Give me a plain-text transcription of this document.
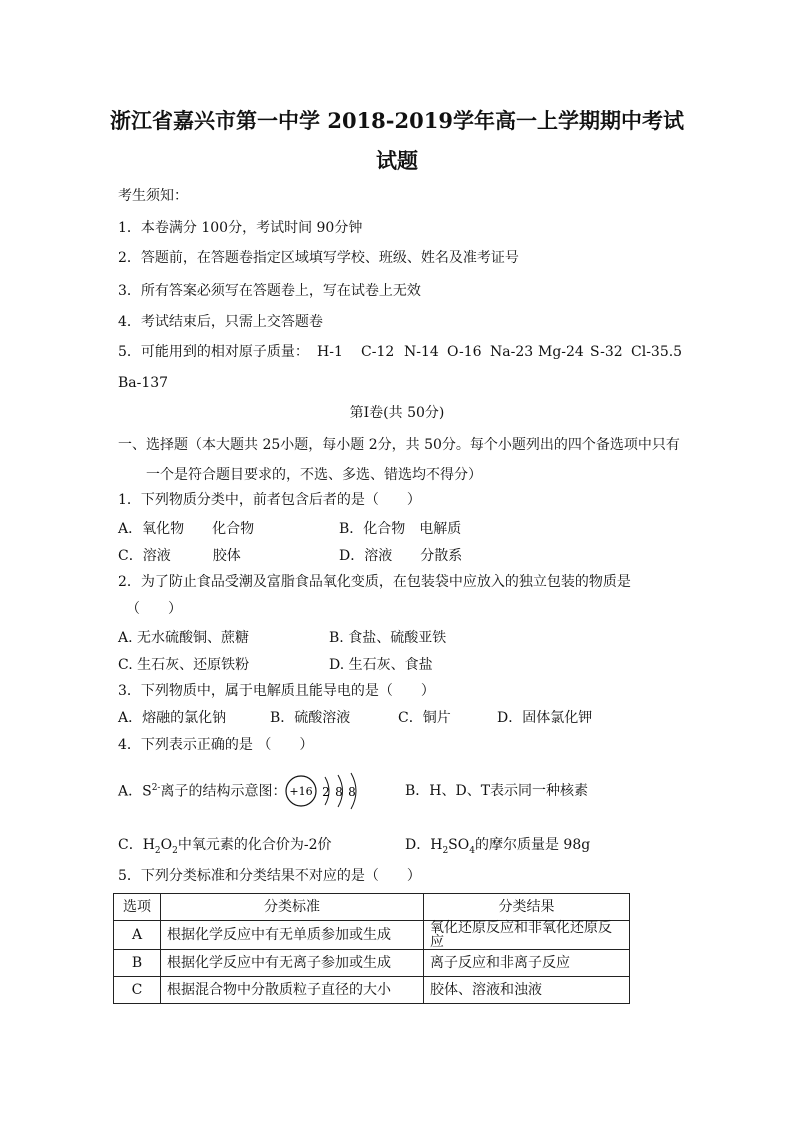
浙江省嘉兴市第一中学 2018-2019学年高一上学期期中考试
试题
考生须知：
1．本卷满分 100分，考试时间 90分钟
2．答题前，在答题卷指定区域填写学校、班级、姓名及准考证号
3．所有答案必须写在答题卷上，写在试卷上无效
4．考试结束后，只需上交答题卷
5．可能用到的相对原子质量： H-1 C-12 N-14 O-16 Na-23 Mg-24 S-32 Cl-35.5
Ba-137
第Ⅰ卷(共 50分)
一、选择题（本大题共 25小题，每小题 2分，共 50分。每个小题列出的四个备选项中只有
一个是符合题目要求的，不选、多选、错选均不得分）
1．下列物质分类中，前者包含后者的是（　　）
A．氧化物　　化合物	B．化合物　电解质
C．溶液　　　胶体	D．溶液　　分散系
2．为了防止食品受潮及富脂食品氧化变质，在包装袋中应放入的独立包装的物质是
（　　）
A. 无水硫酸铜、蔗糖	B. 食盐、硫酸亚铁
C. 生石灰、还原铁粉	D. 生石灰、食盐
3．下列物质中，属于电解质且能导电的是（　　）
A．熔融的氯化钠	B．硫酸溶液	C．铜片	D．固体氯化钾
4．下列表示正确的是 （　　）
A．$S^{2-}$离子的结构示意图： +16 2 8 8	B．H、D、T表示同一种核素
C．$H_2O_2$中氧元素的化合价为-2价	D．$H_2SO_4$的摩尔质量是 98g
5．下列分类标准和分类结果不对应的是（　　）
选项	分类标准	分类结果
A	根据化学反应中有无单质参加或生成	氧化还原反应和非氧化还原反应
B	根据化学反应中有无离子参加或生成	离子反应和非离子反应
C	根据混合物中分散质粒子直径的大小	胶体、溶液和浊液
